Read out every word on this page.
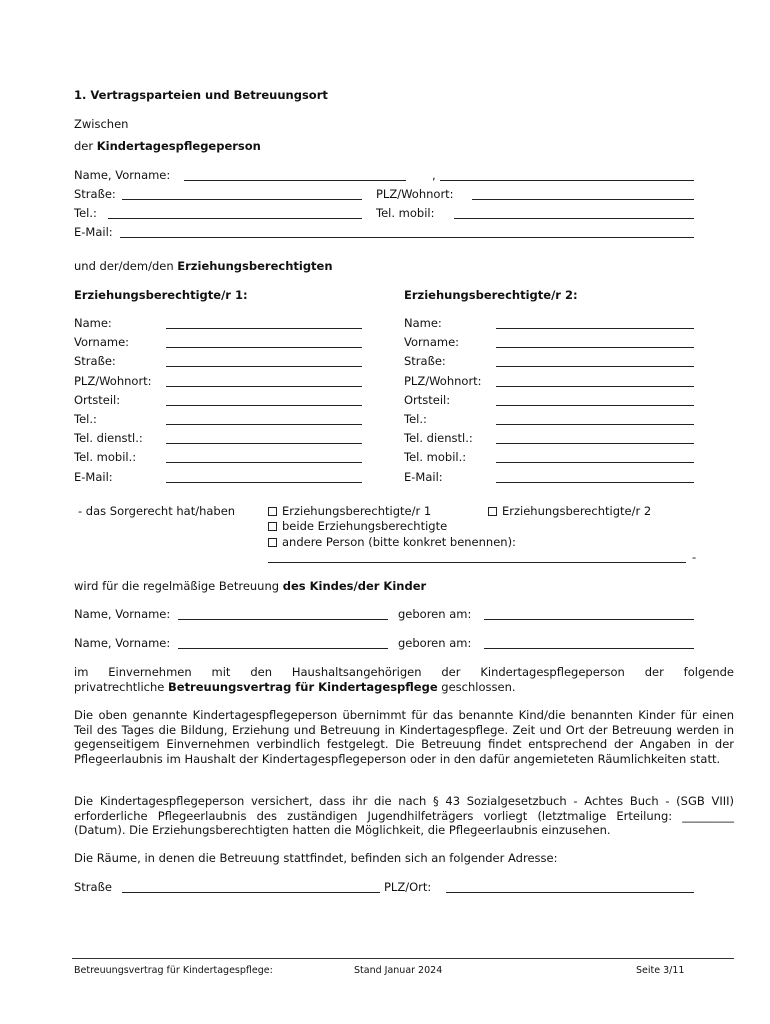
1. Vertragsparteien und Betreuungsort
Zwischen
der Kindertagespflegeperson
Name, Vorname:	,
Straße:	PLZ/Wohnort:
Tel.:	Tel. mobil:
E-Mail:
und der/dem/den Erziehungsberechtigten
Erziehungsberechtigte/r 1:	Erziehungsberechtigte/r 2:
Name:	Name:
Vorname:	Vorname:
Straße:	Straße:
PLZ/Wohnort:	PLZ/Wohnort:
Ortsteil:	Ortsteil:
Tel.:	Tel.:
Tel. dienstl.:	Tel. dienstl.:
Tel. mobil.:	Tel. mobil.:
E-Mail:	E-Mail:
- das Sorgerecht hat/haben	Erziehungsberechtigte/r 1	Erziehungsberechtigte/r 2
beide Erziehungsberechtigte
andere Person (bitte konkret benennen):
-
wird für die regelmäßige Betreuung des Kindes/der Kinder
Name, Vorname:	geboren am:
Name, Vorname:	geboren am:
im Einvernehmen mit den Haushaltsangehörigen der Kindertagespflegeperson der folgende
privatrechtliche Betreuungsvertrag für Kindertagespflege geschlossen.
Die oben genannte Kindertagespflegeperson übernimmt für das benannte Kind/die benannten Kinder für einen Teil des Tages die Bildung, Erziehung und Betreuung in Kindertagespflege. Zeit und Ort der Betreuung werden in gegenseitigem Einvernehmen verbindlich festgelegt. Die Betreuung findet entsprechend der Angaben in der Pflegeerlaubnis im Haushalt der Kindertagespflegeperson oder in den dafür angemieteten Räumlichkeiten statt.
Die Kindertagespflegeperson versichert, dass ihr die nach § 43 Sozialgesetzbuch - Achtes Buch - (SGB VIII) erforderliche Pflegeerlaubnis des zuständigen Jugendhilfeträgers vorliegt (letztmalige Erteilung: _________ (Datum). Die Erziehungsberechtigten hatten die Möglichkeit, die Pflegeerlaubnis einzusehen.
Die Räume, in denen die Betreuung stattfindet, befinden sich an folgender Adresse:
Straße	PLZ/Ort:
Betreuungsvertrag für Kindertagespflege:	Stand Januar 2024	Seite 3/11
